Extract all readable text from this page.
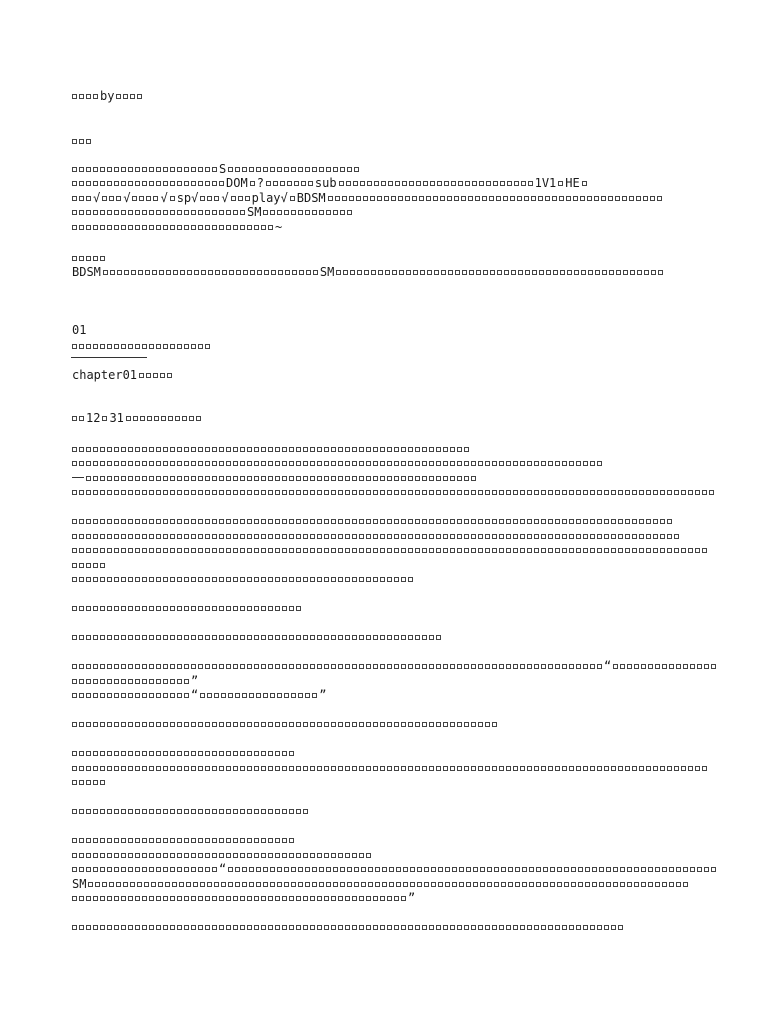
by
S
DOM ?	sub	1V1 HE
√ √	√ sp√ √ play√ BDSM
SM
~
BDSM	SM
01
chapter01
12 31
“
”
“	”
“
SM
”
